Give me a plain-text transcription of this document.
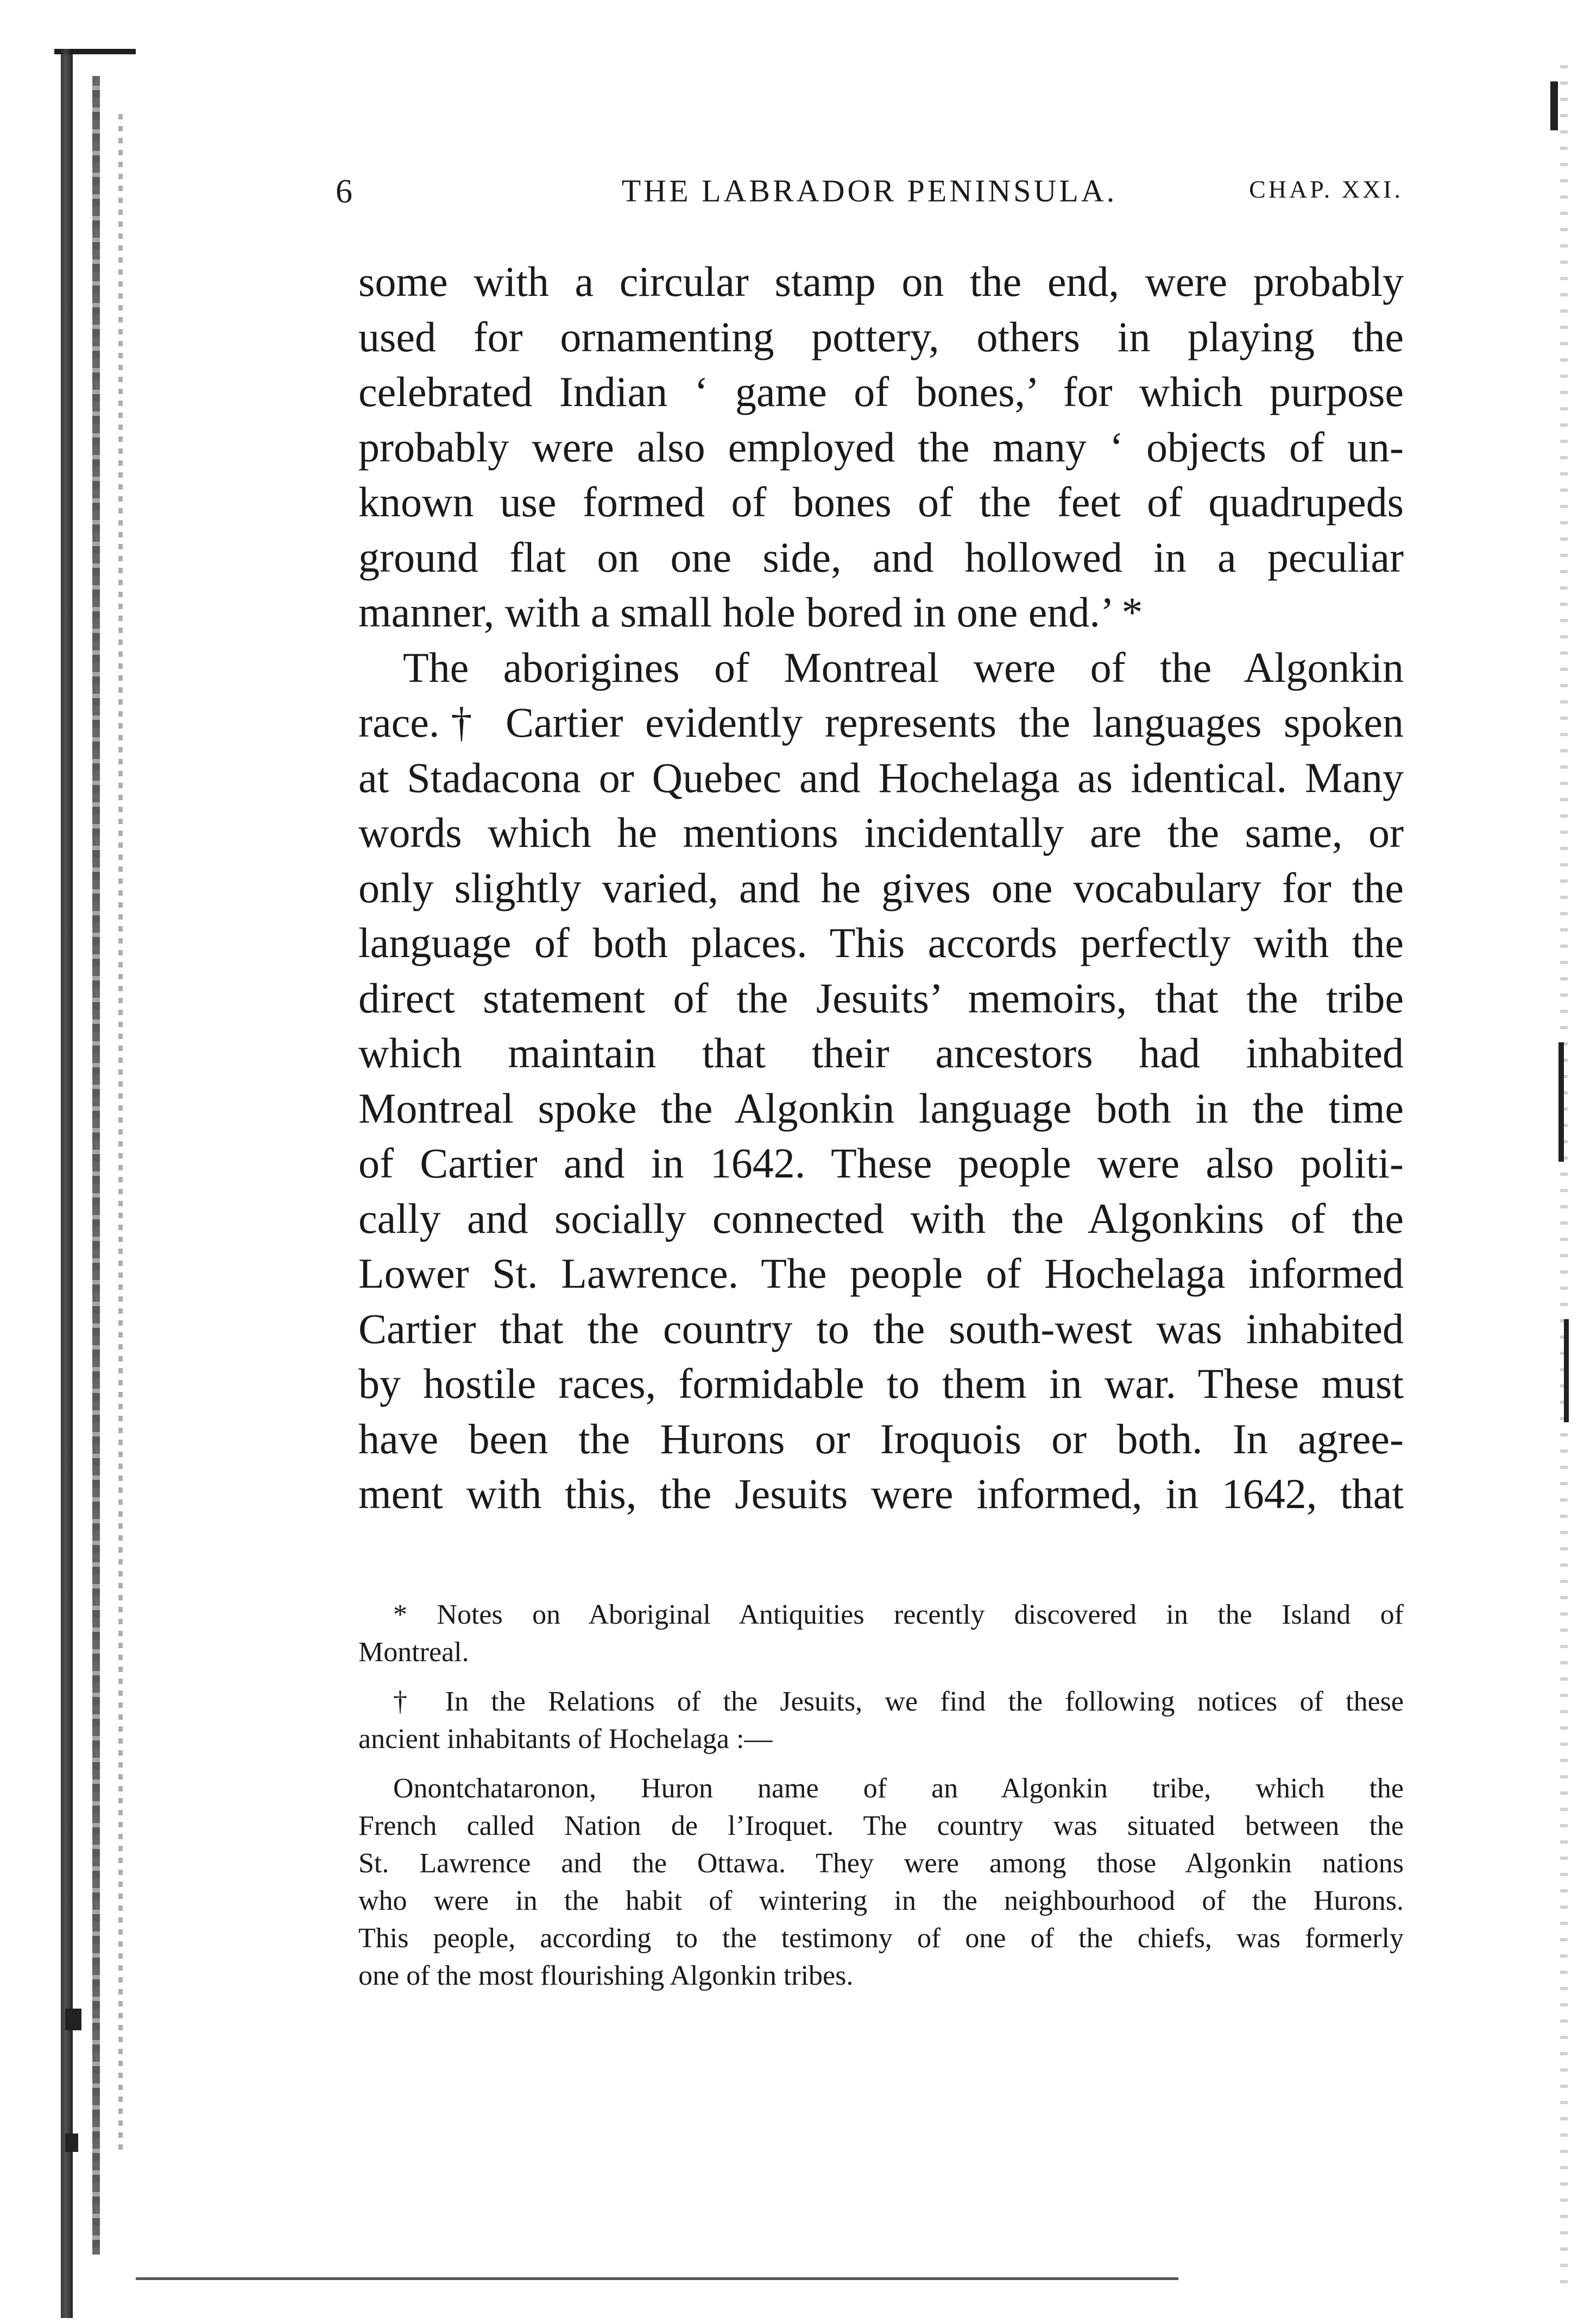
6	THE LABRADOR PENINSULA.	CHAP. XXI.
some with a circular stamp on the end, were probably
used for ornamenting pottery, others in playing the
celebrated Indian ‘ game of bones,’ for which purpose
probably were also employed the many ‘ objects of un-
known use formed of bones of the feet of quadrupeds
ground flat on one side, and hollowed in a peculiar
manner, with a small hole bored in one end.’ *
The aborigines of Montreal were of the Algonkin
race.† Cartier evidently represents the languages spoken
at Stadacona or Quebec and Hochelaga as identical. Many
words which he mentions incidentally are the same, or
only slightly varied, and he gives one vocabulary for the
language of both places. This accords perfectly with the
direct statement of the Jesuits’ memoirs, that the tribe
which maintain that their ancestors had inhabited
Montreal spoke the Algonkin language both in the time
of Cartier and in 1642. These people were also politi-
cally and socially connected with the Algonkins of the
Lower St. Lawrence. The people of Hochelaga informed
Cartier that the country to the south-west was inhabited
by hostile races, formidable to them in war. These must
have been the Hurons or Iroquois or both. In agree-
ment with this, the Jesuits were informed, in 1642, that
* Notes on Aboriginal Antiquities recently discovered in the Island of
Montreal.
† In the Relations of the Jesuits, we find the following notices of these
ancient inhabitants of Hochelaga :—
Onontchataronon, Huron name of an Algonkin tribe, which the
French called Nation de l’Iroquet. The country was situated between the
St. Lawrence and the Ottawa. They were among those Algonkin nations
who were in the habit of wintering in the neighbourhood of the Hurons.
This people, according to the testimony of one of the chiefs, was formerly
one of the most flourishing Algonkin tribes.
